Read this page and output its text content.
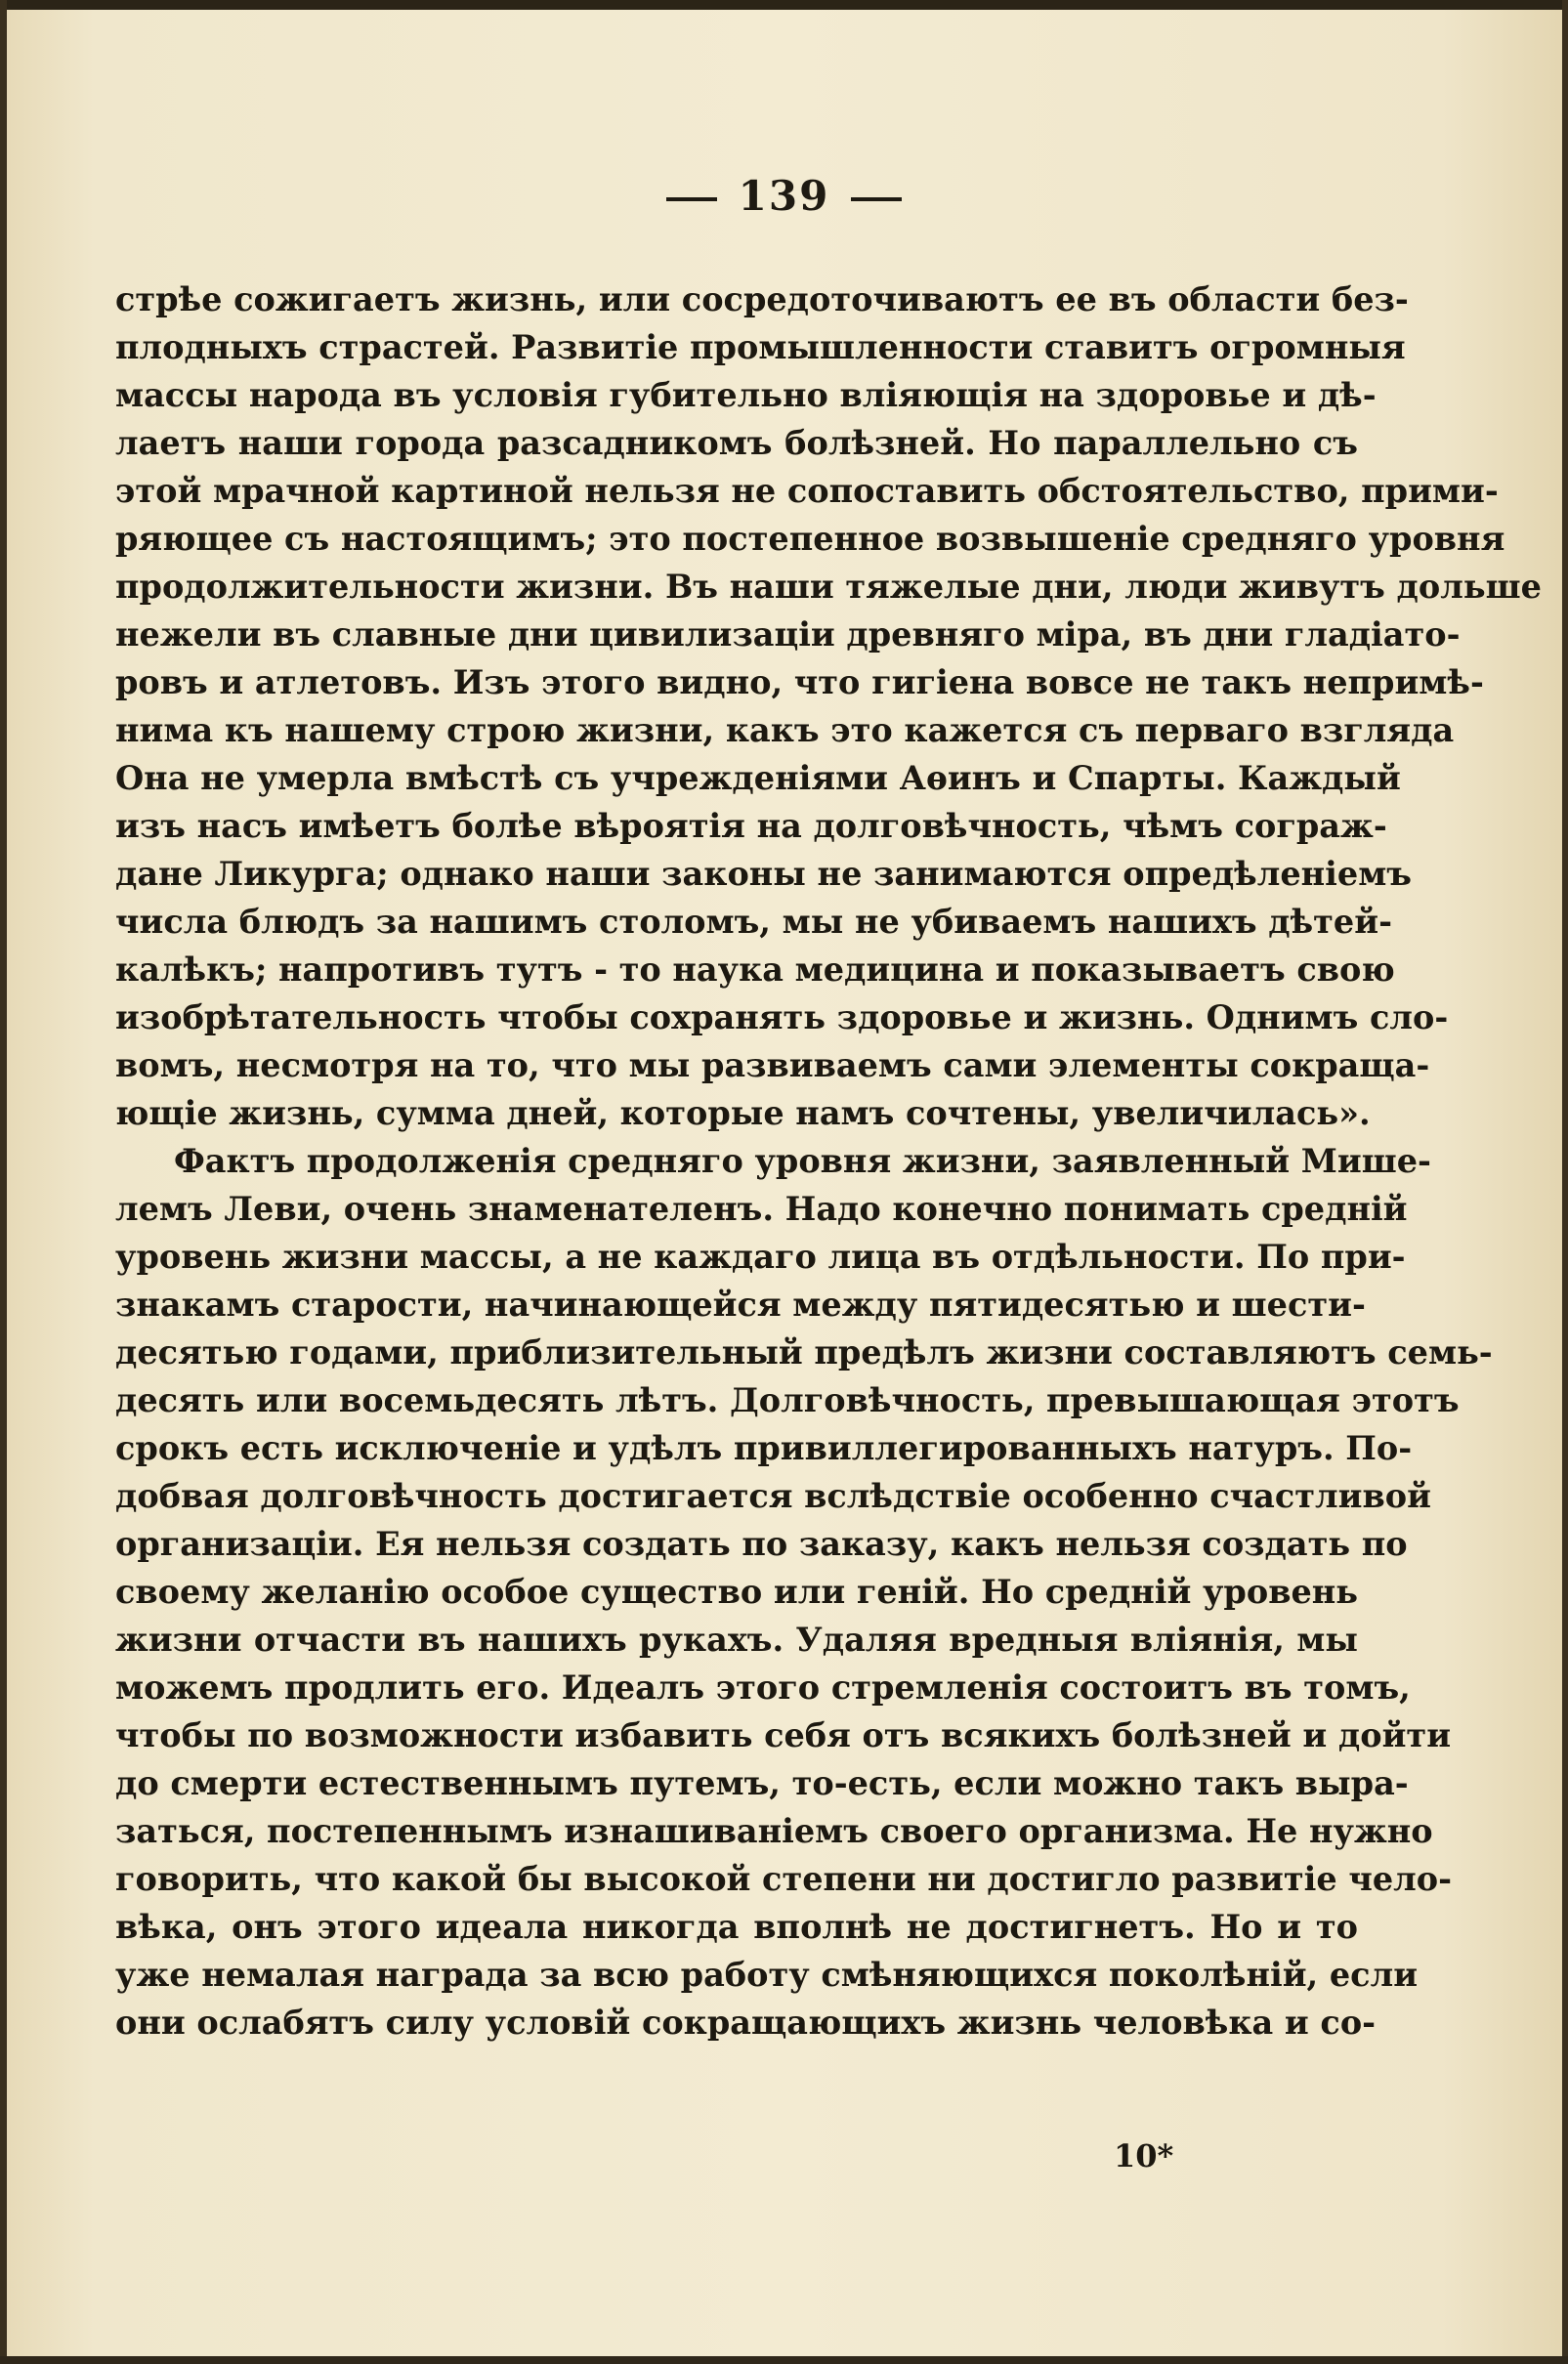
139
стрѣе сожигаетъ жизнь, или сосредоточиваютъ ее въ области без-
плодныхъ страстей. Развитіе промышленности ставитъ огромныя
массы народа въ условія губительно вліяющія на здоровье и дѣ-
лаетъ наши города разсадникомъ болѣзней. Но параллельно съ
этой мрачной картиной нельзя не сопоставить обстоятельство, прими-
ряющее съ настоящимъ; это постепенное возвышеніе средняго уровня
продолжительности жизни. Въ наши тяжелые дни, люди живутъ дольше
нежели въ славные дни цивилизаціи древняго міра, въ дни гладіато-
ровъ и атлетовъ. Изъ этого видно, что гигіена вовсе не такъ непримѣ-
нима къ нашему строю жизни, какъ это кажется съ перваго взгляда
Она не умерла вмѣстѣ съ учрежденіями Аѳинъ и Спарты. Каждый
изъ насъ имѣетъ болѣе вѣроятія на долговѣчность, чѣмъ сограж-
дане Ликурга; однако наши законы не занимаются опредѣленіемъ
числа блюдъ за нашимъ столомъ, мы не убиваемъ нашихъ дѣтей-
калѣкъ; напротивъ тутъ - то наука медицина и показываетъ свою
изобрѣтательность чтобы сохранять здоровье и жизнь. Однимъ сло-
вомъ, несмотря на то, что мы развиваемъ сами элементы сокраща-
ющіе жизнь, сумма дней, которые намъ сочтены, увеличилась».
Фактъ продолженія средняго уровня жизни, заявленный Мише-
лемъ Леви, очень знаменателенъ. Надо конечно понимать средній
уровень жизни массы, а не каждаго лица въ отдѣльности. По при-
знакамъ старости, начинающейся между пятидесятью и шести-
десятью годами, приблизительный предѣлъ жизни составляютъ семь-
десять или восемьдесять лѣтъ. Долговѣчность, превышающая этотъ
срокъ есть исключеніе и удѣлъ привиллегированныхъ натуръ. По-
добвая долговѣчность достигается вслѣдствіе особенно счастливой
организаціи. Ея нельзя создать по заказу, какъ нельзя создать по
своему желанію особое существо или геній. Но средній уровень
жизни отчасти въ нашихъ рукахъ. Удаляя вредныя вліянія, мы
можемъ продлить его. Идеалъ этого стремленія состоитъ въ томъ,
чтобы по возможности избавить себя отъ всякихъ болѣзней и дойти
до смерти естественнымъ путемъ, то-есть, если можно такъ выра-
заться, постепеннымъ изнашиваніемъ своего организма. Не нужно
говорить, что какой бы высокой степени ни достигло развитіе чело-
вѣка, онъ этого идеала никогда вполнѣ не достигнетъ. Но и то
уже немалая награда за всю работу смѣняющихся поколѣній, если
они ослабятъ силу условій сокращающихъ жизнь человѣка и со-
10*
